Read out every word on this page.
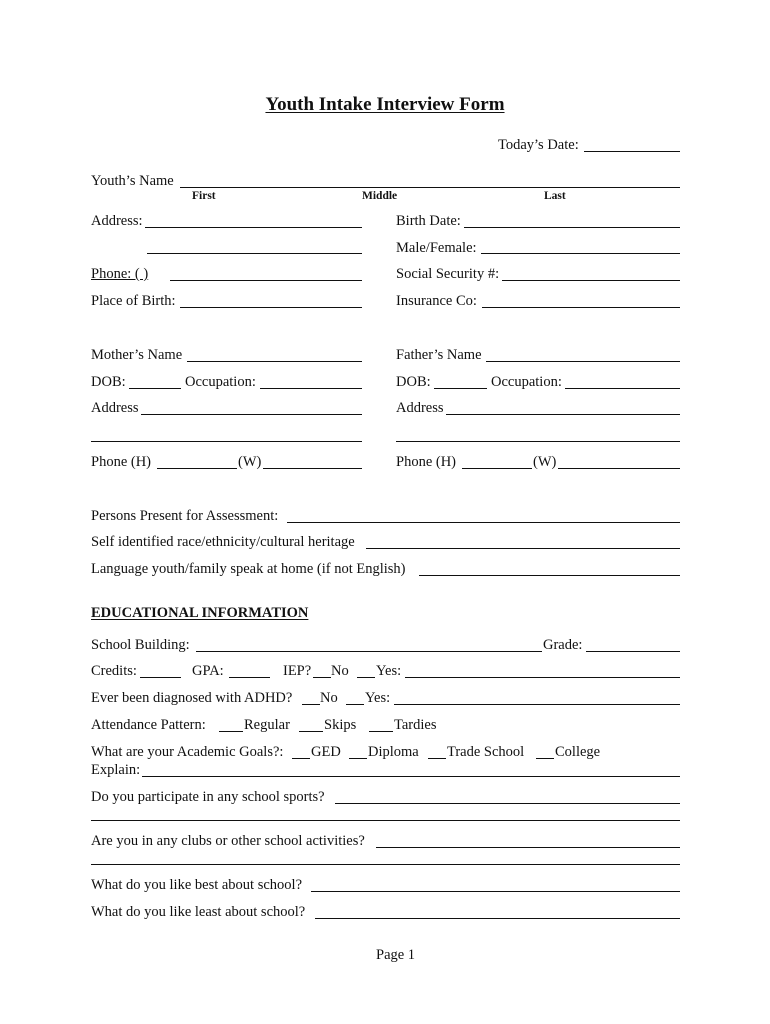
Youth Intake Interview Form
Today’s Date:
Youth’s Name
First	Middle	Last
Address:	Birth Date:
Male/Female:
Phone: ( )	Social Security #:
Place of Birth:	Insurance Co:
Mother’s Name	Father’s Name
DOB:	Occupation:	DOB:	Occupation:
Address	Address
Phone (H)	(W)	Phone (H)	(W)
Persons Present for Assessment:
Self identified race/ethnicity/cultural heritage
Language youth/family speak at home (if not English)
EDUCATIONAL INFORMATION
School Building:	Grade:
Credits:	GPA:	IEP? No Yes:
Ever been diagnosed with ADHD? No Yes:
Attendance Pattern:	Regular Skips	Tardies
What are your Academic Goals?: GED Diploma Trade School College
Explain:
Do you participate in any school sports?
Are you in any clubs or other school activities?
What do you like best about school?
What do you like least about school?
Page 1
